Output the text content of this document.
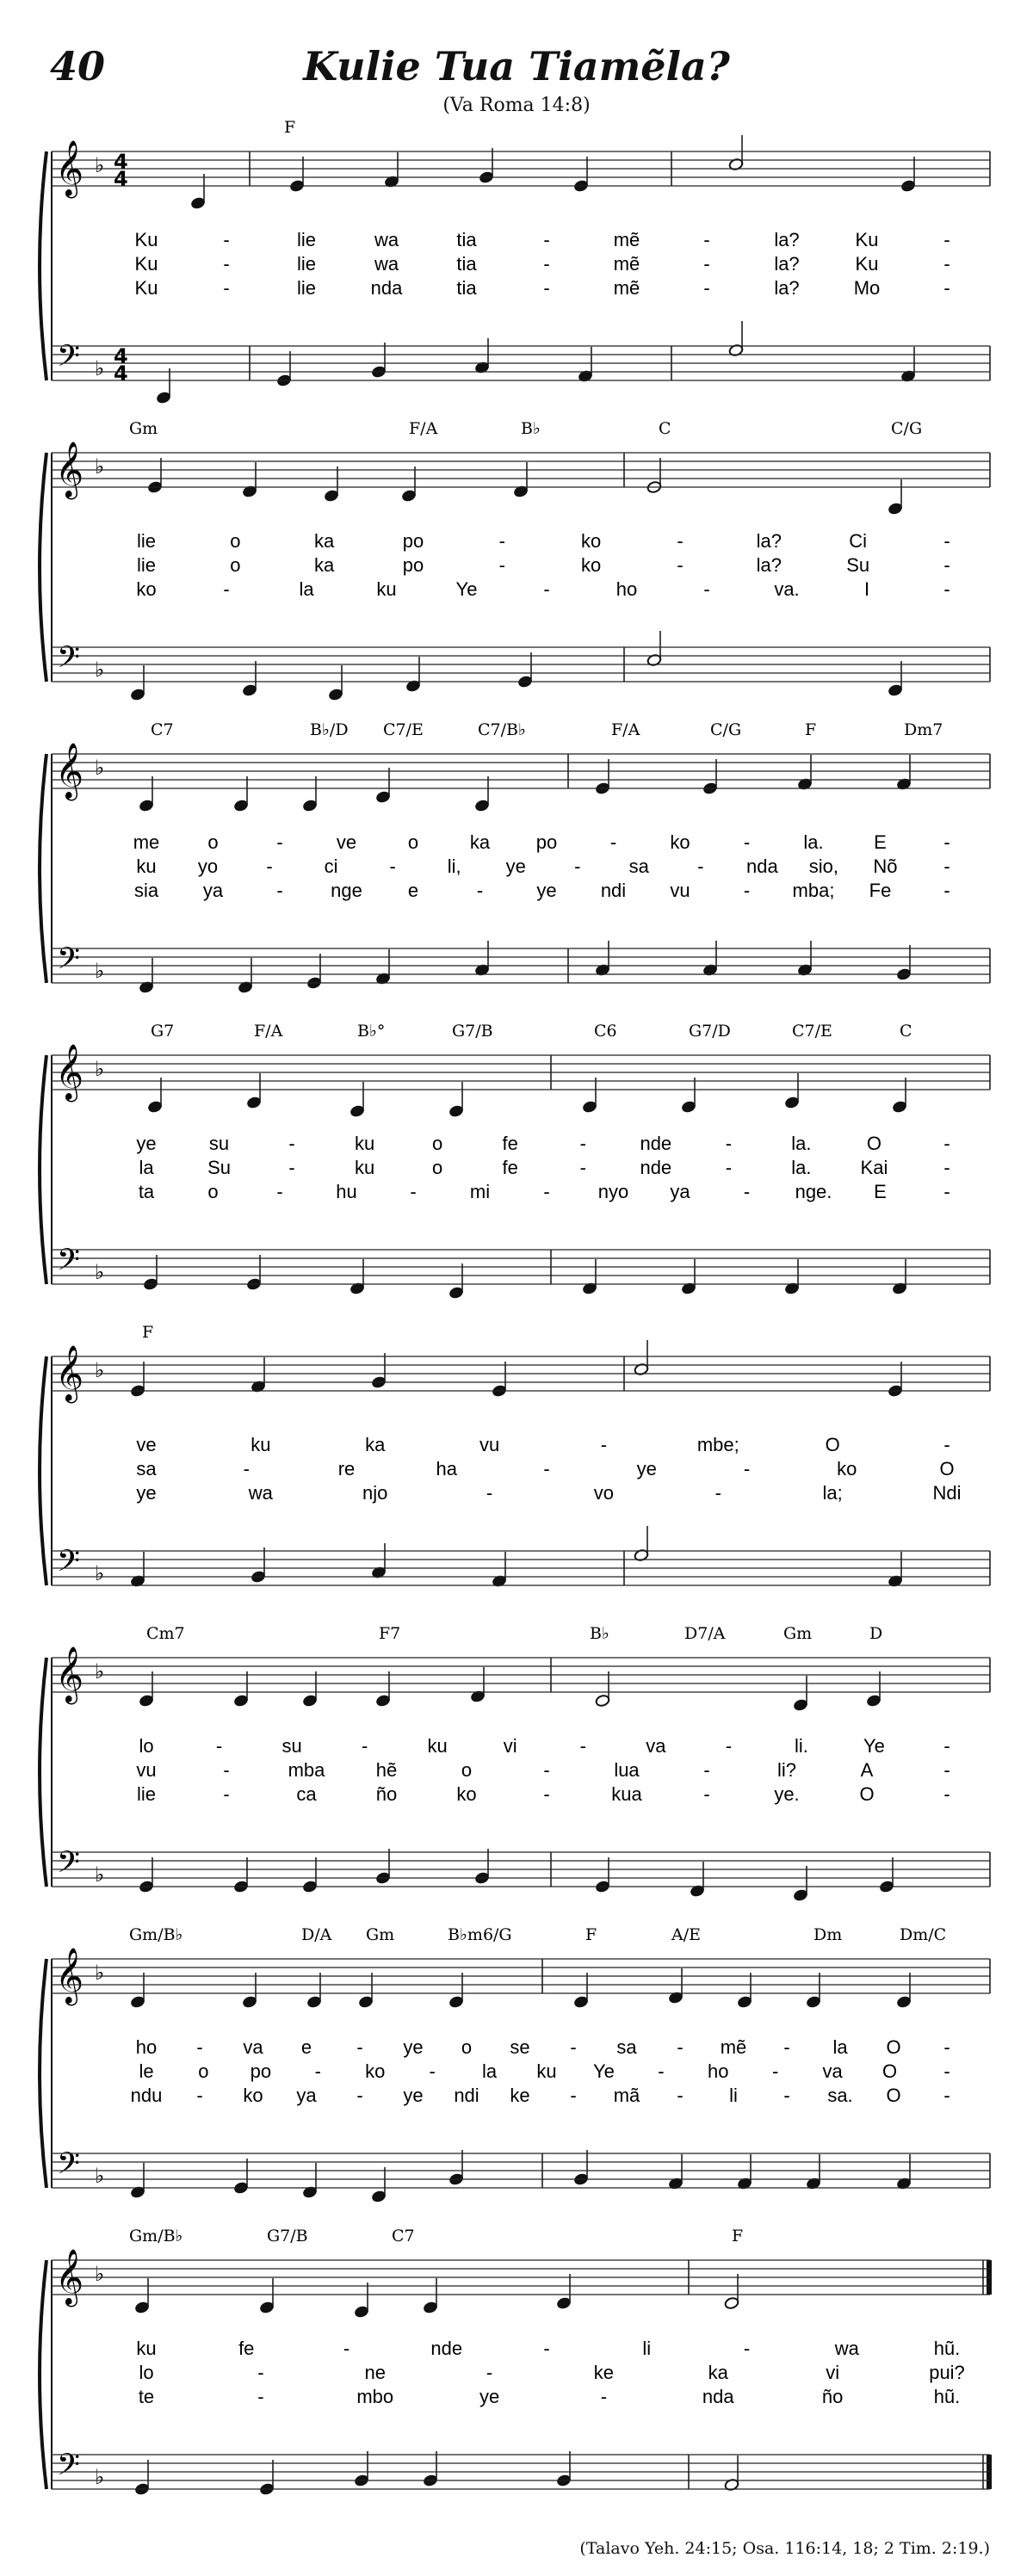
40	Kulie Tua Tiamẽla?
(Va Roma 14:8)
𝄞
𝄢
♭
♭
4
4
4
4
F
Ku	-	lie	wa	tia	-	mẽ	-	la?	Ku	-
Ku	-	lie	wa	tia	-	mẽ	-	la?	Ku	-
Ku	-	lie	nda	tia	-	mẽ	-	la?	Mo	-
𝄞
𝄢
♭
♭
Gm	F/A	B♭	C	C/G
lie	o	ka	po	-	ko	-	la?	Ci	-
lie	o	ka	po	-	ko	-	la?	Su	-
ko	-	la	ku	Ye	-	ho	-	va.	I	-
𝄞
𝄢
♭
♭
C7	B♭/D C7/E	C7/B♭	F/A	C/G	F	Dm7
me	o	-	ve	o	ka po	-	ko	-	la.	E	-
ku yo	-	ci	-	li, ye	-	sa	- nda sio, Nõ -
sia ya	-	nge e	-	ye ndi vu	- mba; Fe	-
𝄞
𝄢
♭
♭
G7	F/A	B♭°	G7/B	C6	G7/D	C7/E	C
ye	su	-	ku	o	fe	-	nde	-	la.	O	-
la	Su	-	ku	o	fe	-	nde	-	la.	Kai	-
ta	o	-	hu	-	mi	-	nyo ya	- nge. E	-
𝄞
𝄢
♭
♭
F
ve	ku	ka	vu	-	mbe;	O	-
sa	-	re	ha	-	ye	-	ko	O
ye	wa	njo	-	vo	-	la;	Ndi
𝄞
𝄢
♭
♭
Cm7	F7	B♭	D7/A	Gm	D
lo	-	su	-	ku	vi	-	va	-	li.	Ye	-
vu	-	mba	hẽ	o	-	lua	-	li?	A	-
lie	-	ca	ño	ko	-	kua	-	ye.	O	-
𝄞
𝄢
♭
♭
Gm/B♭	D/A Gm	B♭m6/G	F	A/E	Dm	Dm/C
ho - va e - ye o se - sa - mẽ - la O -
le o po - ko - la ku Ye - ho - va O -
ndu - ko ya - ye ndi ke - mã - li - sa. O -
𝄞
𝄢
♭
♭
Gm/B♭	G7/B	C7	F
ku	fe	-	nde	-	li	-	wa	hũ.
lo	-	ne	-	ke	ka	vi	pui?
te	-	mbo	ye	-	nda	ño	hũ.
(Talavo Yeh. 24:15; Osa. 116:14, 18; 2 Tim. 2:19.)
